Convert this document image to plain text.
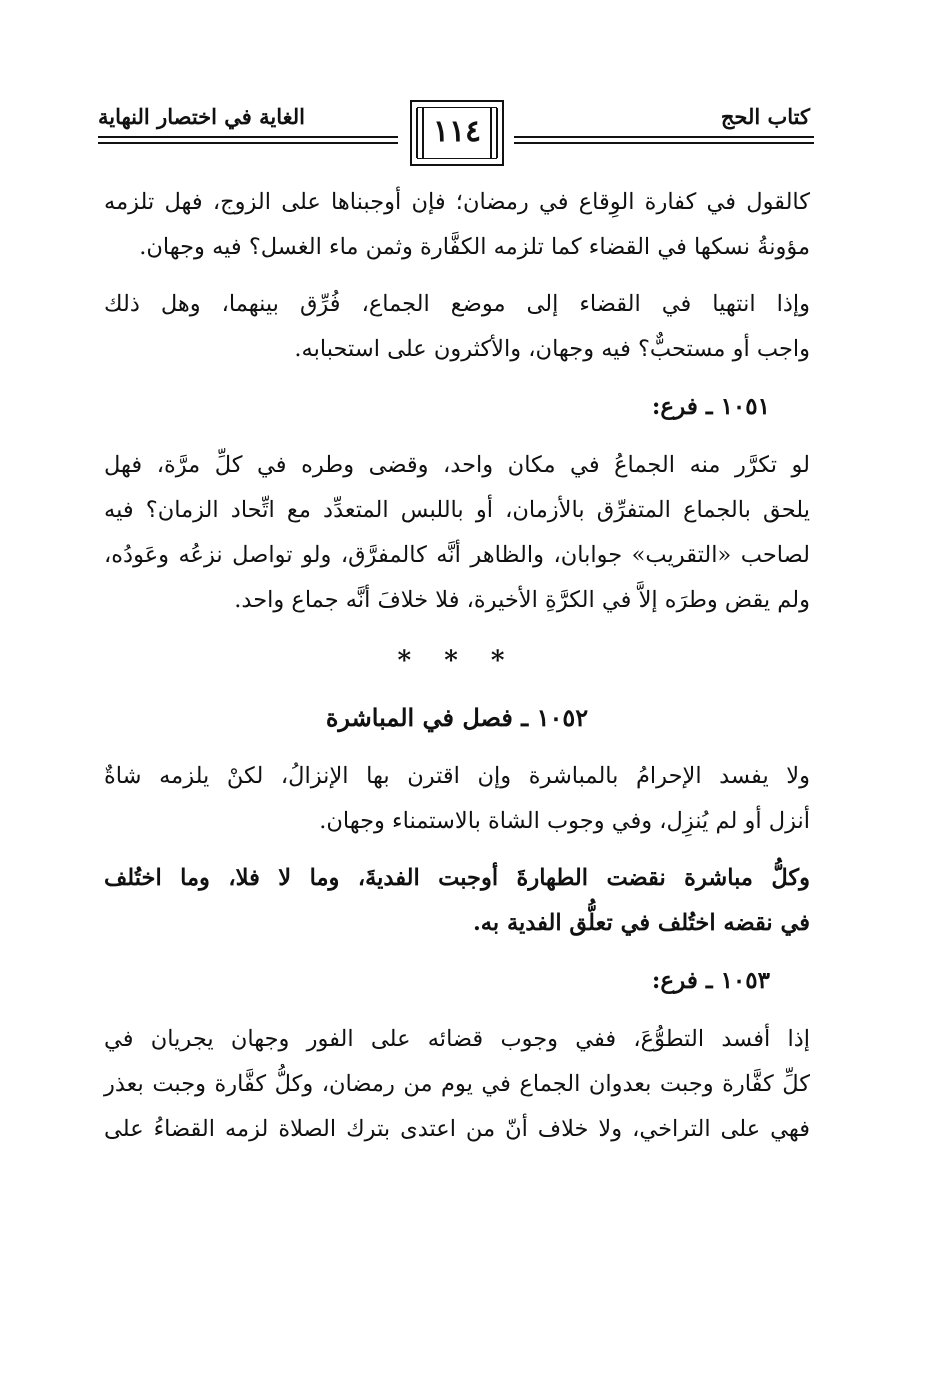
كتاب الحج
١١٤
الغاية في اختصار النهاية

كالقول في كفارة الوِقاع في رمضان؛ فإن أوجبناها على الزوج، فهل تلزمه
مؤونةُ نسكها في القضاء كما تلزمه الكفَّارة وثمن ماء الغسل؟ فيه وجهان.

وإذا انتهيا في القضاء إلى موضع الجماع، فُرِّق بينهما، وهل ذلك
واجب أو مستحبٌّ؟ فيه وجهان، والأكثرون على استحبابه.

١٠٥١ ـ فرع:

لو تكرَّر منه الجماعُ في مكان واحد، وقضى وطره في كلِّ مرَّة، فهل
يلحق بالجماع المتفرِّق بالأزمان، أو باللبس المتعدِّد مع اتِّحاد الزمان؟ فيه
لصاحب «التقريب» جوابان، والظاهر أنَّه كالمفرَّق، ولو تواصل نزعُه وعَودُه،
ولم يقض وطرَه إلاَّ في الكرَّةِ الأخيرة، فلا خلافَ أنَّه جماع واحد.

* * *
١٠٥٢ ـ فصل في المباشرة

ولا يفسد الإحرامُ بالمباشرة وإن اقترن بها الإنزالُ، لكنْ يلزمه شاةٌ
أنزل أو لم يُنزِل، وفي وجوب الشاة بالاستمناء وجهان.

وكلُّ مباشرة نقضت الطهارةَ أوجبت الفديةَ، وما لا فلا، وما اختُلف
في نقضه اختُلف في تعلُّق الفدية به.

١٠٥٣ ـ فرع:

إذا أفسد التطوُّعَ، ففي وجوب قضائه على الفور وجهان يجريان في
كلِّ كفَّارة وجبت بعدوان الجماع في يوم من رمضان، وكلُّ كفَّارة وجبت بعذر
فهي على التراخي، ولا خلاف أنّ من اعتدى بترك الصلاة لزمه القضاءُ على
